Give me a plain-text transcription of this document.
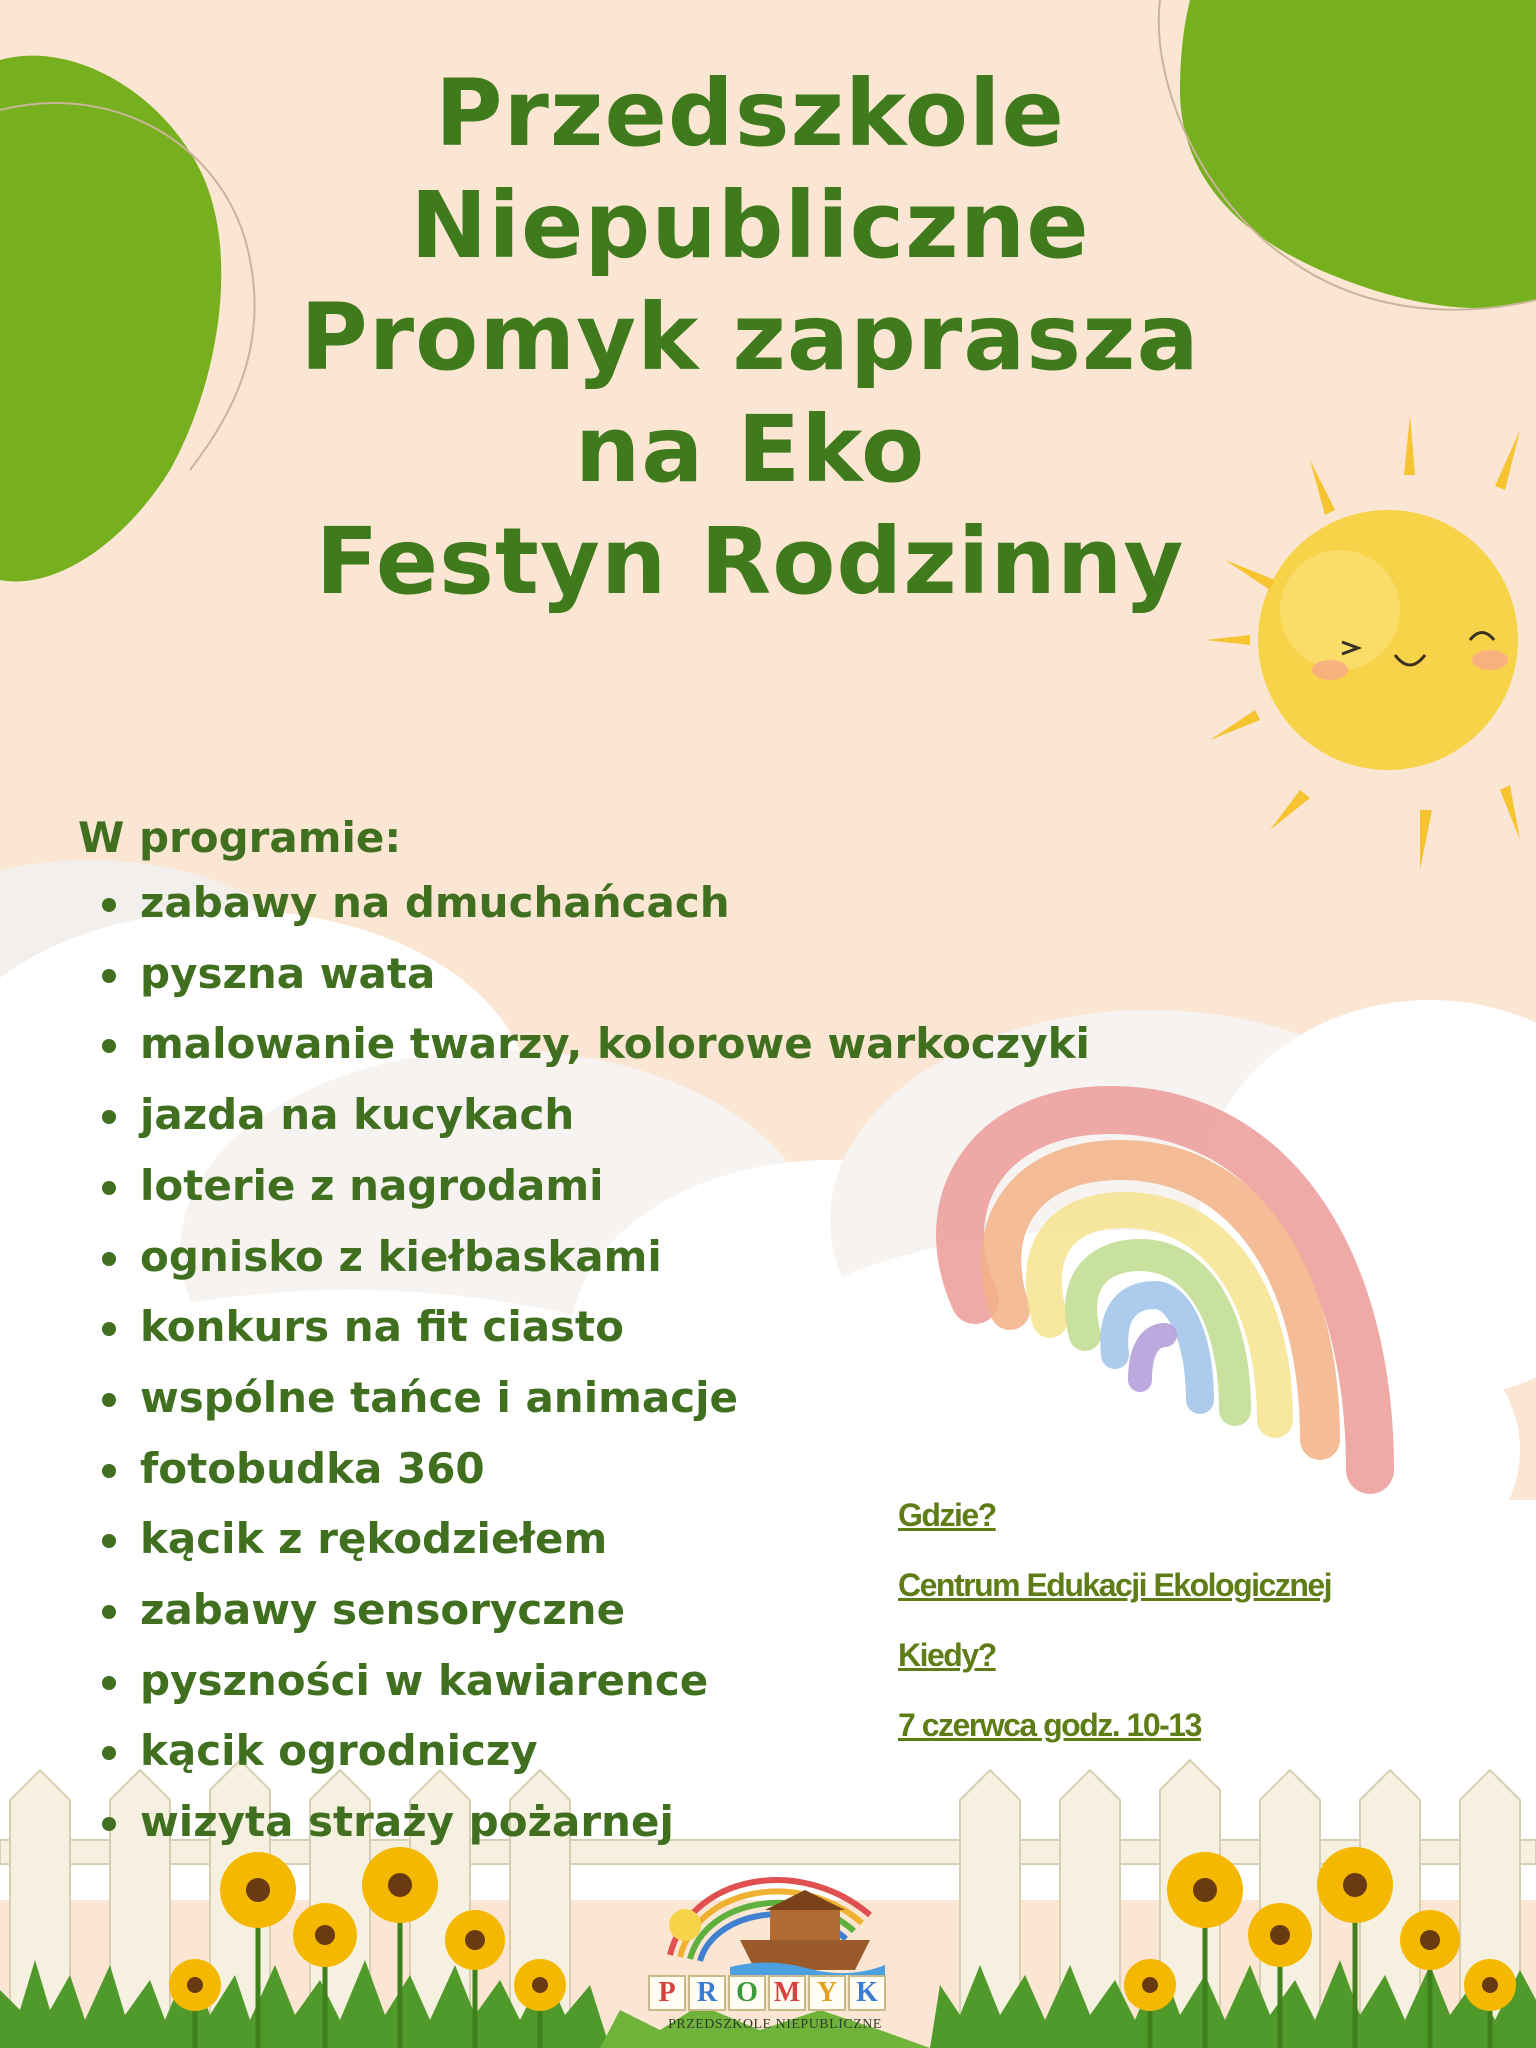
Przedszkole
Niepubliczne
Promyk zaprasza
na Eko
Festyn Rodzinny

W programie:

zabawy na dmuchańcach
pyszna wata
malowanie twarzy, kolorowe warkoczyki
jazda na kucykach
loterie z nagrodami
ognisko z kiełbaskami
konkurs na fit ciasto
wspólne tańce i animacje
fotobudka 360
kącik z rękodziełem
zabawy sensoryczne
pyszności w kawiarence
kącik ogrodniczy
wizyta straży pożarnej
Gdzie?
Centrum Edukacji Ekologicznej
Kiedy?
7 czerwca godz. 10-13
P R O M Y K
PRZEDSZKOLE NIEPUBLICZNE
